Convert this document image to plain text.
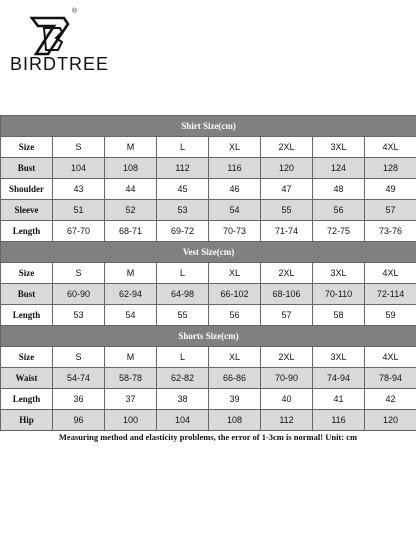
®
BIRDTREE
Shirt Size(cm)							
Size	S	M	L	XL	2XL	3XL	4XL
Bust	104	108	112	116	120	124	128
Shoulder	43	44	45	46	47	48	49
Sleeve	51	52	53	54	55	56	57
Length	67-70	68-71	69-72	70-73	71-74	72-75	73-76
Vest Size(cm)							
Size	S	M	L	XL	2XL	3XL	4XL
Bust	60-90	62-94	64-98	66-102	68-106	70-110	72-114
Length	53	54	55	56	57	58	59
Shorts Size(cm)							
Size	S	M	L	XL	2XL	3XL	4XL
Waist	54-74	58-78	62-82	66-86	70-90	74-94	78-94
Length	36	37	38	39	40	41	42
Hip	96	100	104	108	112	116	120
Measuring method and elasticity problems, the error of 1-3cm is normal! Unit: cm
